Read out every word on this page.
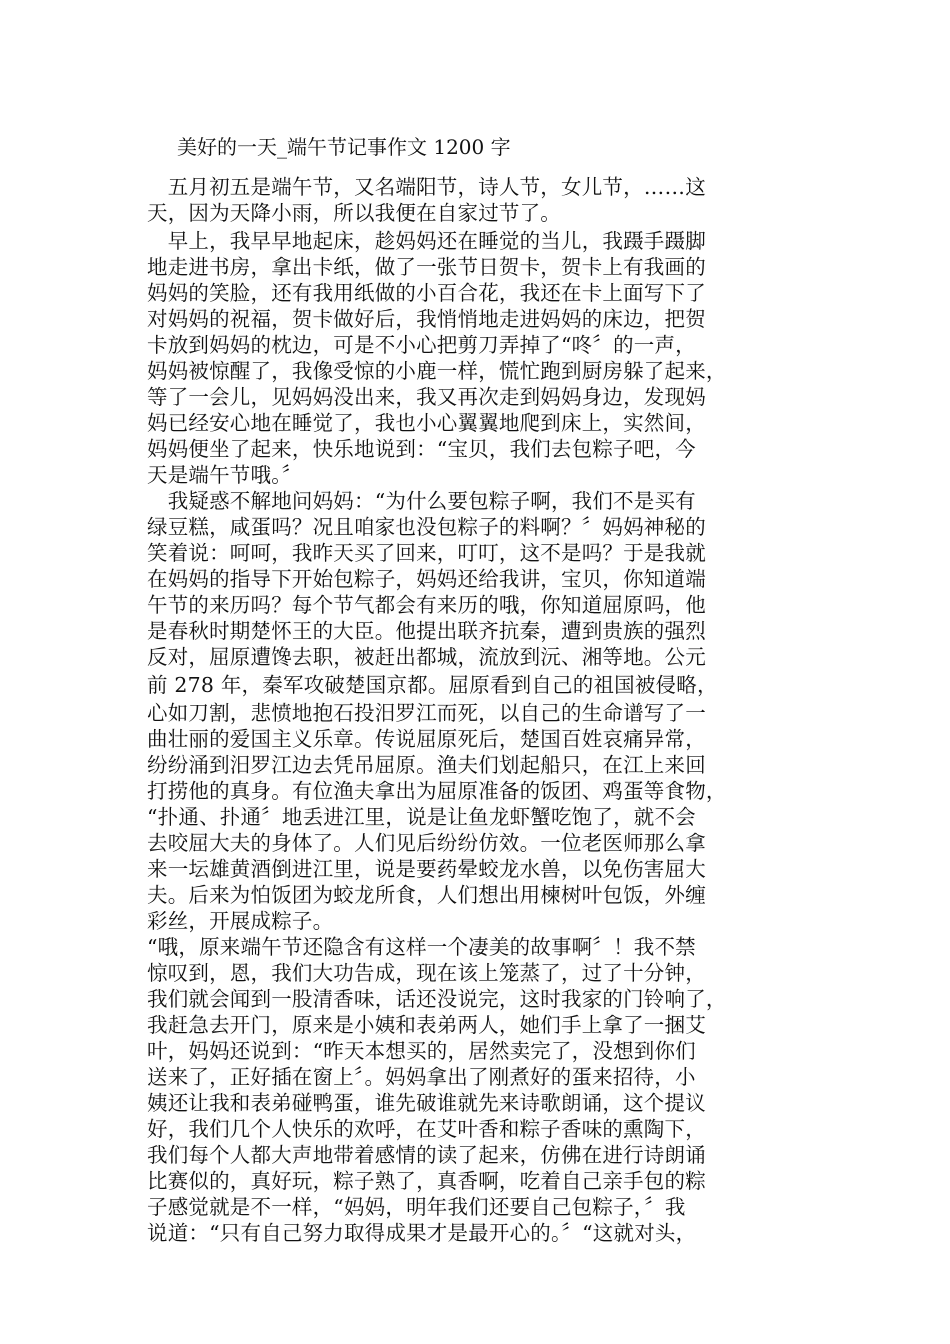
美好的一天_端午节记事作文 1200 字
　五月初五是端午节，又名端阳节，诗人节，女儿节，……这
天，因为天降小雨，所以我便在自家过节了。
　早上，我早早地起床，趁妈妈还在睡觉的当儿，我蹑手蹑脚
地走进书房，拿出卡纸，做了一张节日贺卡，贺卡上有我画的
妈妈的笑脸，还有我用纸做的小百合花，我还在卡上面写下了
对妈妈的祝福，贺卡做好后，我悄悄地走进妈妈的床边，把贺
卡放到妈妈的枕边，可是不小心把剪刀弄掉了“咚〞的一声，
妈妈被惊醒了，我像受惊的小鹿一样，慌忙跑到厨房躲了起来，
等了一会儿，见妈妈没出来，我又再次走到妈妈身边，发现妈
妈已经安心地在睡觉了，我也小心翼翼地爬到床上，实然间，
妈妈便坐了起来，快乐地说到：“宝贝，我们去包粽子吧，今
天是端午节哦。〞
　我疑惑不解地问妈妈：“为什么要包粽子啊，我们不是买有
绿豆糕，咸蛋吗？况且咱家也没包粽子的料啊？〞妈妈神秘的
笑着说：呵呵，我昨天买了回来，叮叮，这不是吗？于是我就
在妈妈的指导下开始包粽子，妈妈还给我讲，宝贝，你知道端
午节的来历吗？每个节气都会有来历的哦，你知道屈原吗，他
是春秋时期楚怀王的大臣。他提出联齐抗秦，遭到贵族的强烈
反对，屈原遭馋去职，被赶出都城，流放到沅、湘等地。公元
前 278 年，秦军攻破楚国京都。屈原看到自己的祖国被侵略，
心如刀割，悲愤地抱石投汨罗江而死，以自己的生命谱写了一
曲壮丽的爱国主义乐章。传说屈原死后，楚国百姓哀痛异常，
纷纷涌到汨罗江边去凭吊屈原。渔夫们划起船只，在江上来回
打捞他的真身。有位渔夫拿出为屈原准备的饭团、鸡蛋等食物，
“扑通、扑通〞地丢进江里，说是让鱼龙虾蟹吃饱了，就不会
去咬屈大夫的身体了。人们见后纷纷仿效。一位老医师那么拿
来一坛雄黄酒倒进江里，说是要药晕蛟龙水兽，以免伤害屈大
夫。后来为怕饭团为蛟龙所食，人们想出用楝树叶包饭，外缠
彩丝，开展成粽子。
“哦，原来端午节还隐含有这样一个凄美的故事啊〞！我不禁
惊叹到，恩，我们大功告成，现在该上笼蒸了，过了十分钟，
我们就会闻到一股清香味，话还没说完，这时我家的门铃响了，
我赶急去开门，原来是小姨和表弟两人，她们手上拿了一捆艾
叶，妈妈还说到：“昨天本想买的，居然卖完了，没想到你们
送来了，正好插在窗上〞。妈妈拿出了刚煮好的蛋来招待，小
姨还让我和表弟碰鸭蛋，谁先破谁就先来诗歌朗诵，这个提议
好，我们几个人快乐的欢呼，在艾叶香和粽子香味的熏陶下，
我们每个人都大声地带着感情的读了起来，仿佛在进行诗朗诵
比赛似的，真好玩，粽子熟了，真香啊，吃着自己亲手包的粽
子感觉就是不一样，“妈妈，明年我们还要自己包粽子，〞我
说道：“只有自己努力取得成果才是最开心的。〞“这就对头，
